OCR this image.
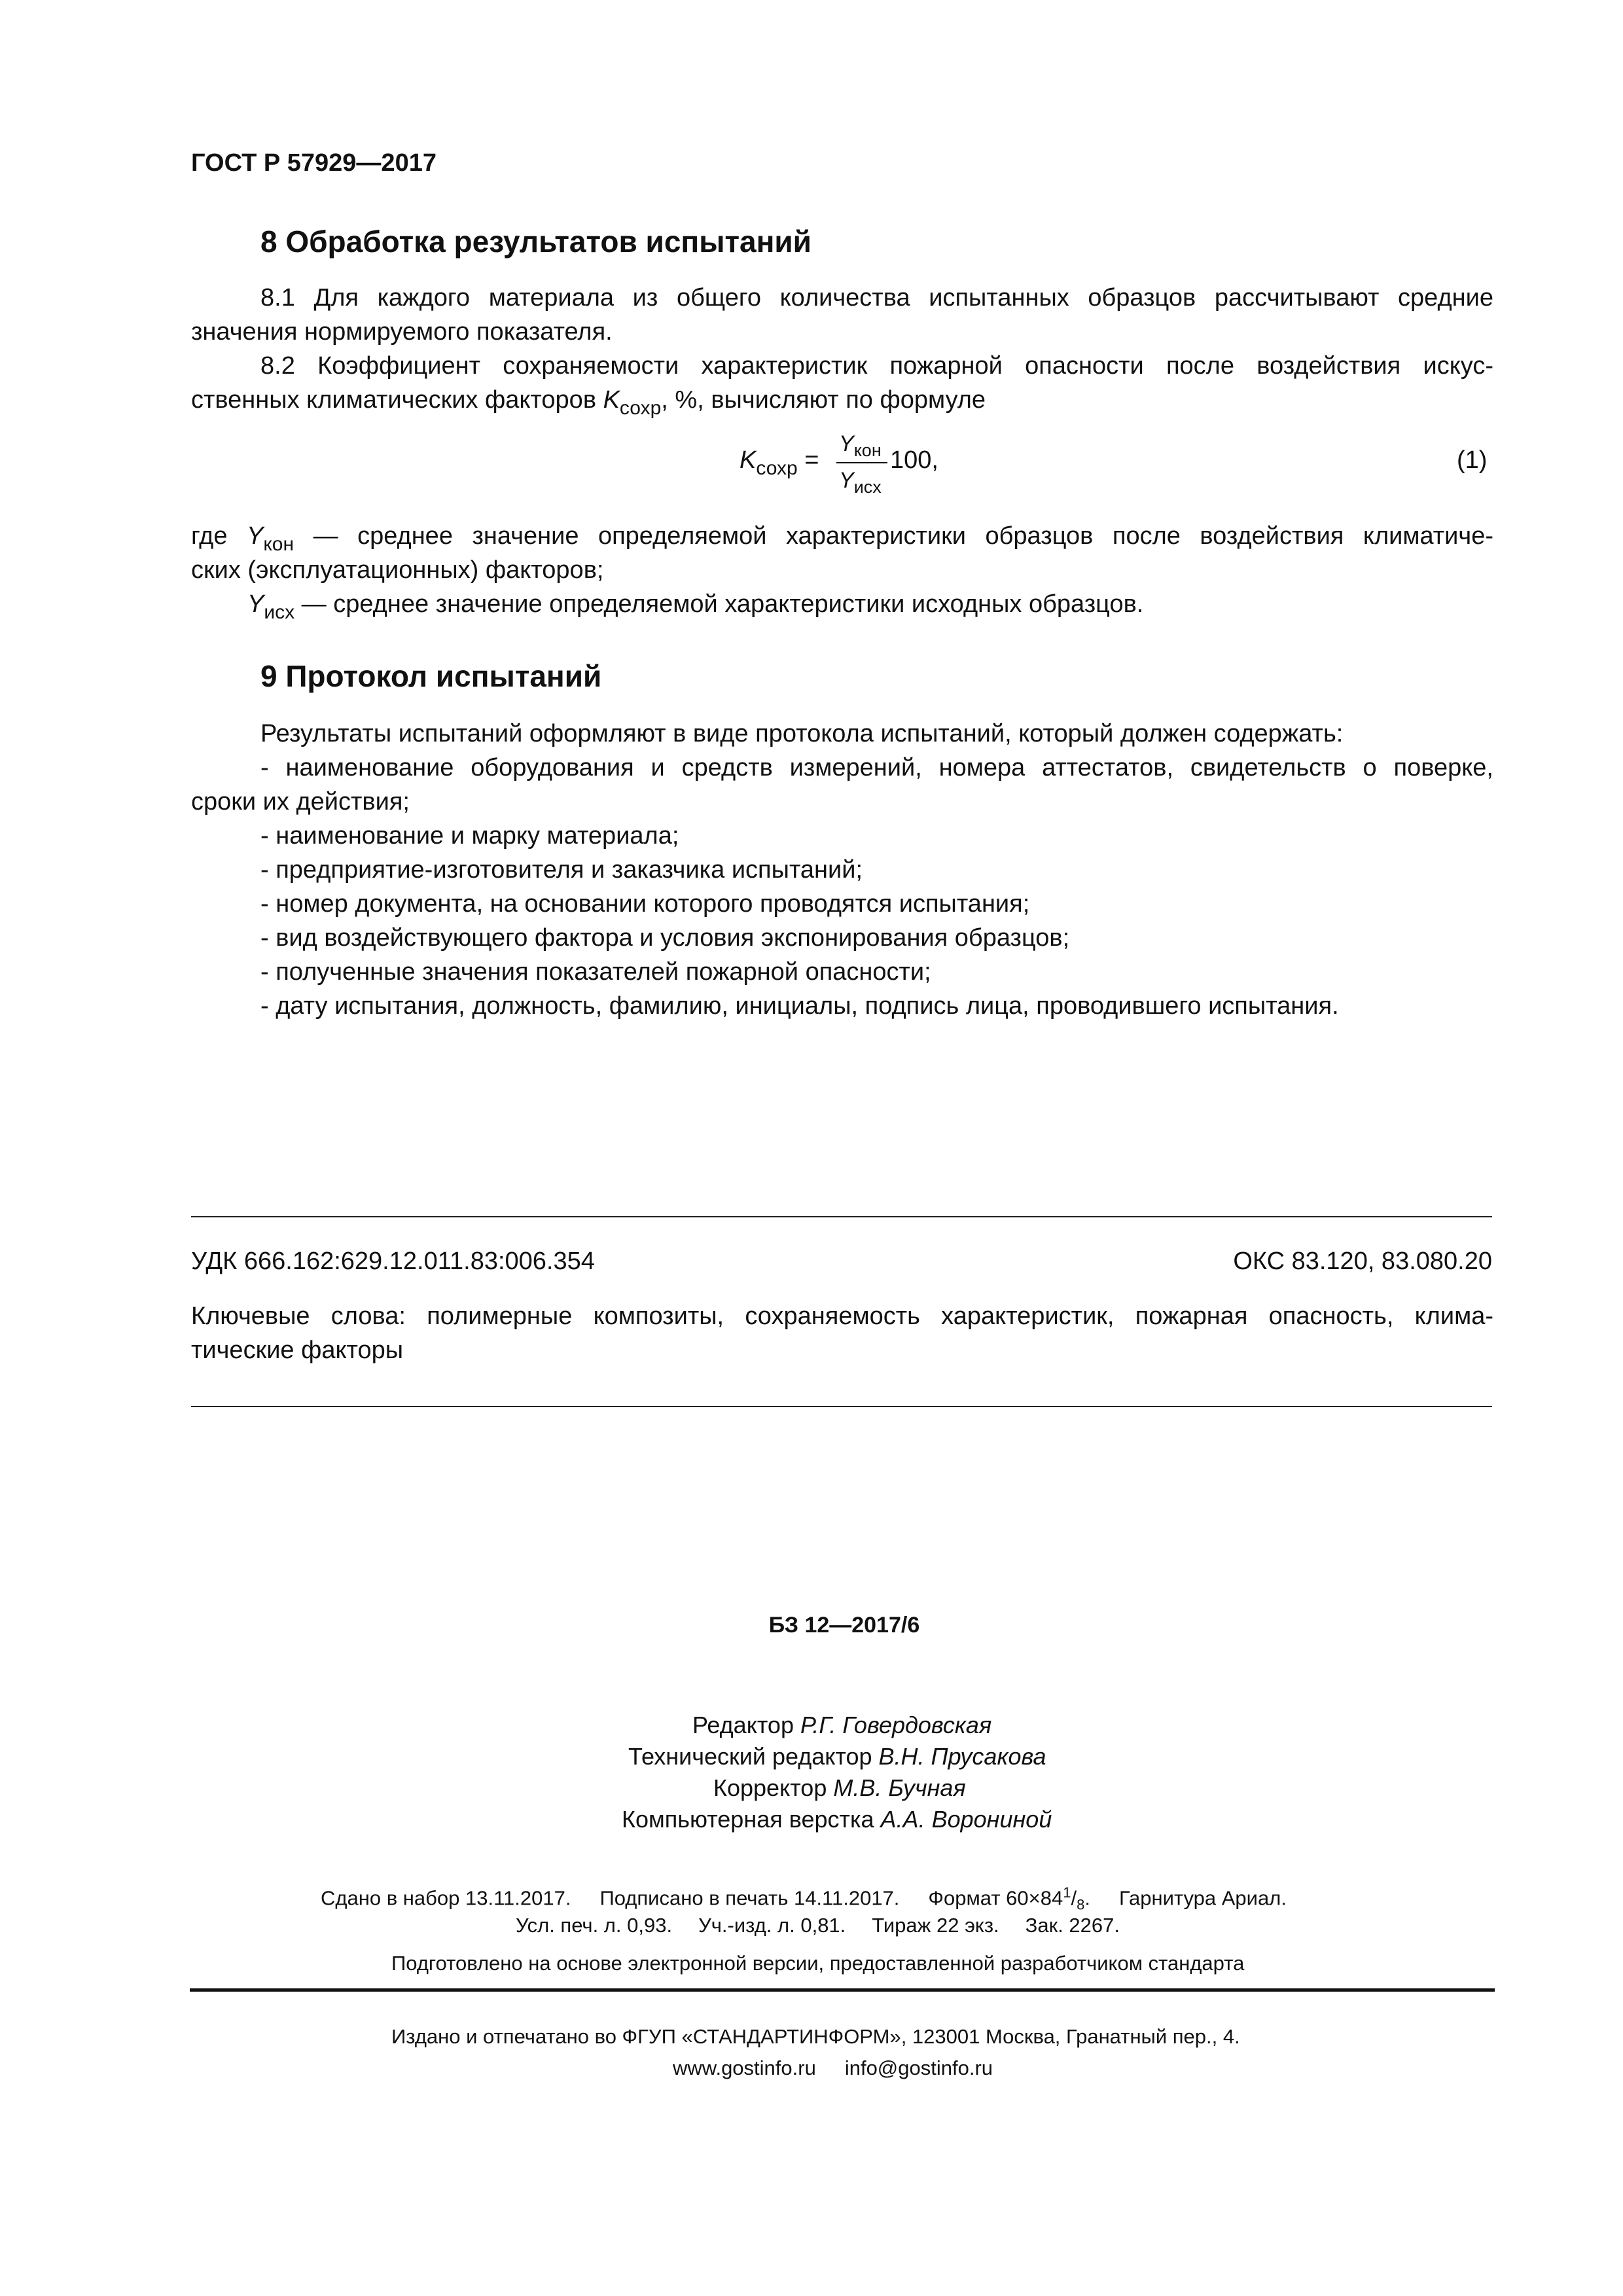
ГОСТ Р 57929—2017
8 Обработка результатов испытаний
8.1 Для каждого материала из общего количества испытанных образцов рассчитывают средние
значения нормируемого показателя.
8.2 Коэффициент сохраняемости характеристик пожарной опасности после воздействия искус-
ственных климатических факторов $K_{сохр}$, %, вычисляют по формуле
$K_{сохр}$ =
$Y_{кон}$
$Y_{исх}$
100,	(1)
где $Y_{кон}$ — среднее значение определяемой характеристики образцов после воздействия климатиче-
ских (эксплуатационных) факторов;
$Y_{исх}$ — среднее значение определяемой характеристики исходных образцов.
9 Протокол испытаний
Результаты испытаний оформляют в виде протокола испытаний, который должен содержать:
- наименование оборудования и средств измерений, номера аттестатов, свидетельств о поверке,
сроки их действия;
- наименование и марку материала;
- предприятие-изготовителя и заказчика испытаний;
- номер документа, на основании которого проводятся испытания;
- вид воздействующего фактора и условия экспонирования образцов;
- полученные значения показателей пожарной опасности;
- дату испытания, должность, фамилию, инициалы, подпись лица, проводившего испытания.
УДК 666.162:629.12.011.83:006.354	ОКС 83.120, 83.080.20
Ключевые слова: полимерные композиты, сохраняемость характеристик, пожарная опасность, клима-
тические факторы
БЗ 12—2017/6
Редактор Р.Г. Говердовская
Технический редактор В.Н. Прусакова
Корректор М.В. Бучная
Компьютерная верстка А.А. Ворониной
Сдано в набор 13.11.2017. Подписано в печать 14.11.2017. Формат $60\times 84^1/_8$. Гарнитура Ариал.
Усл. печ. л. 0,93. Уч.-изд. л. 0,81. Тираж 22 экз. Зак. 2267.
Подготовлено на основе электронной версии, предоставленной разработчиком стандарта
Издано и отпечатано во ФГУП «СТАНДАРТИНФОРМ», 123001 Москва, Гранатный пер., 4.
www.gostinfo.ru info@gostinfo.ru
